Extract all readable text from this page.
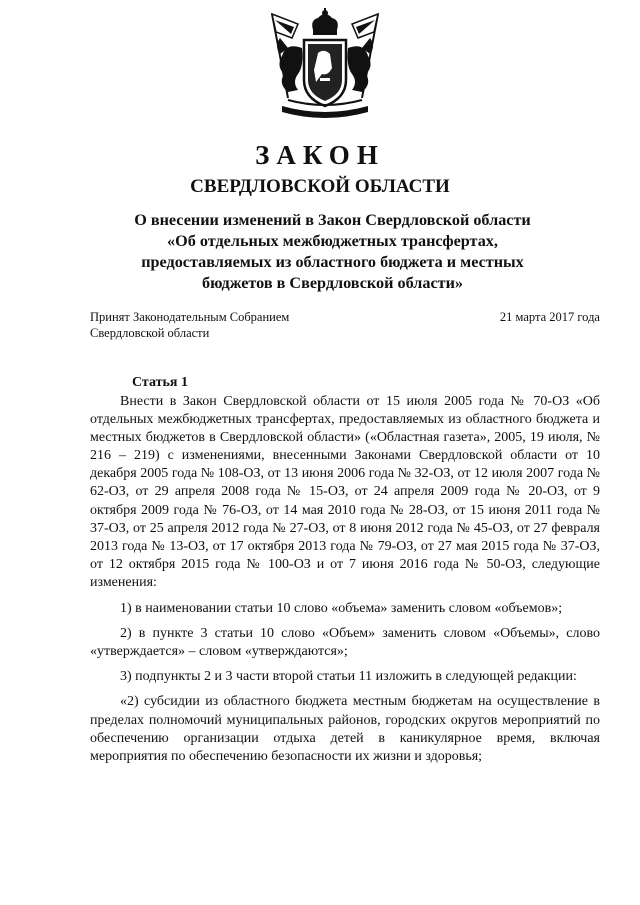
ЗАКОН
СВЕРДЛОВСКОЙ ОБЛАСТИ
О внесении изменений в Закон Свердловской области
«Об отдельных межбюджетных трансфертах,
предоставляемых из областного бюджета и местных
бюджетов в Свердловской области»
Принят Законодательным Собранием
Свердловской области
21 марта 2017 года
Статья 1

Внести в Закон Свердловской области от 15 июля 2005 года № 70-ОЗ «Об отдельных межбюджетных трансфертах, предоставляемых из областного бюджета и местных бюджетов в Свердловской области» («Областная газета», 2005, 19 июля, № 216 – 219) с изменениями, внесенными Законами Свердловской области от 10 декабря 2005 года № 108-ОЗ, от 13 июня 2006 года № 32-ОЗ, от 12 июля 2007 года № 62-ОЗ, от 29 апреля 2008 года № 15-ОЗ, от 24 апреля 2009 года № 20-ОЗ, от 9 октября 2009 года № 76-ОЗ, от 14 мая 2010 года № 28-ОЗ, от 15 июня 2011 года № 37-ОЗ, от 25 апреля 2012 года № 27-ОЗ, от 8 июня 2012 года № 45-ОЗ, от 27 февраля 2013 года № 13-ОЗ, от 17 октября 2013 года № 79-ОЗ, от 27 мая 2015 года № 37-ОЗ, от 12 октября 2015 года № 100-ОЗ и от 7 июня 2016 года № 50-ОЗ, следующие изменения:

1) в наименовании статьи 10 слово «объема» заменить словом «объемов»;

2) в пункте 3 статьи 10 слово «Объем» заменить словом «Объемы», слово «утверждается» – словом «утверждаются»;

3) подпункты 2 и 3 части второй статьи 11 изложить в следующей редакции:

«2) субсидии из областного бюджета местным бюджетам на осуществление в пределах полномочий муниципальных районов, городских округов мероприятий по обеспечению организации отдыха детей в каникулярное время, включая мероприятия по обеспечению безопасности их жизни и здоровья;
